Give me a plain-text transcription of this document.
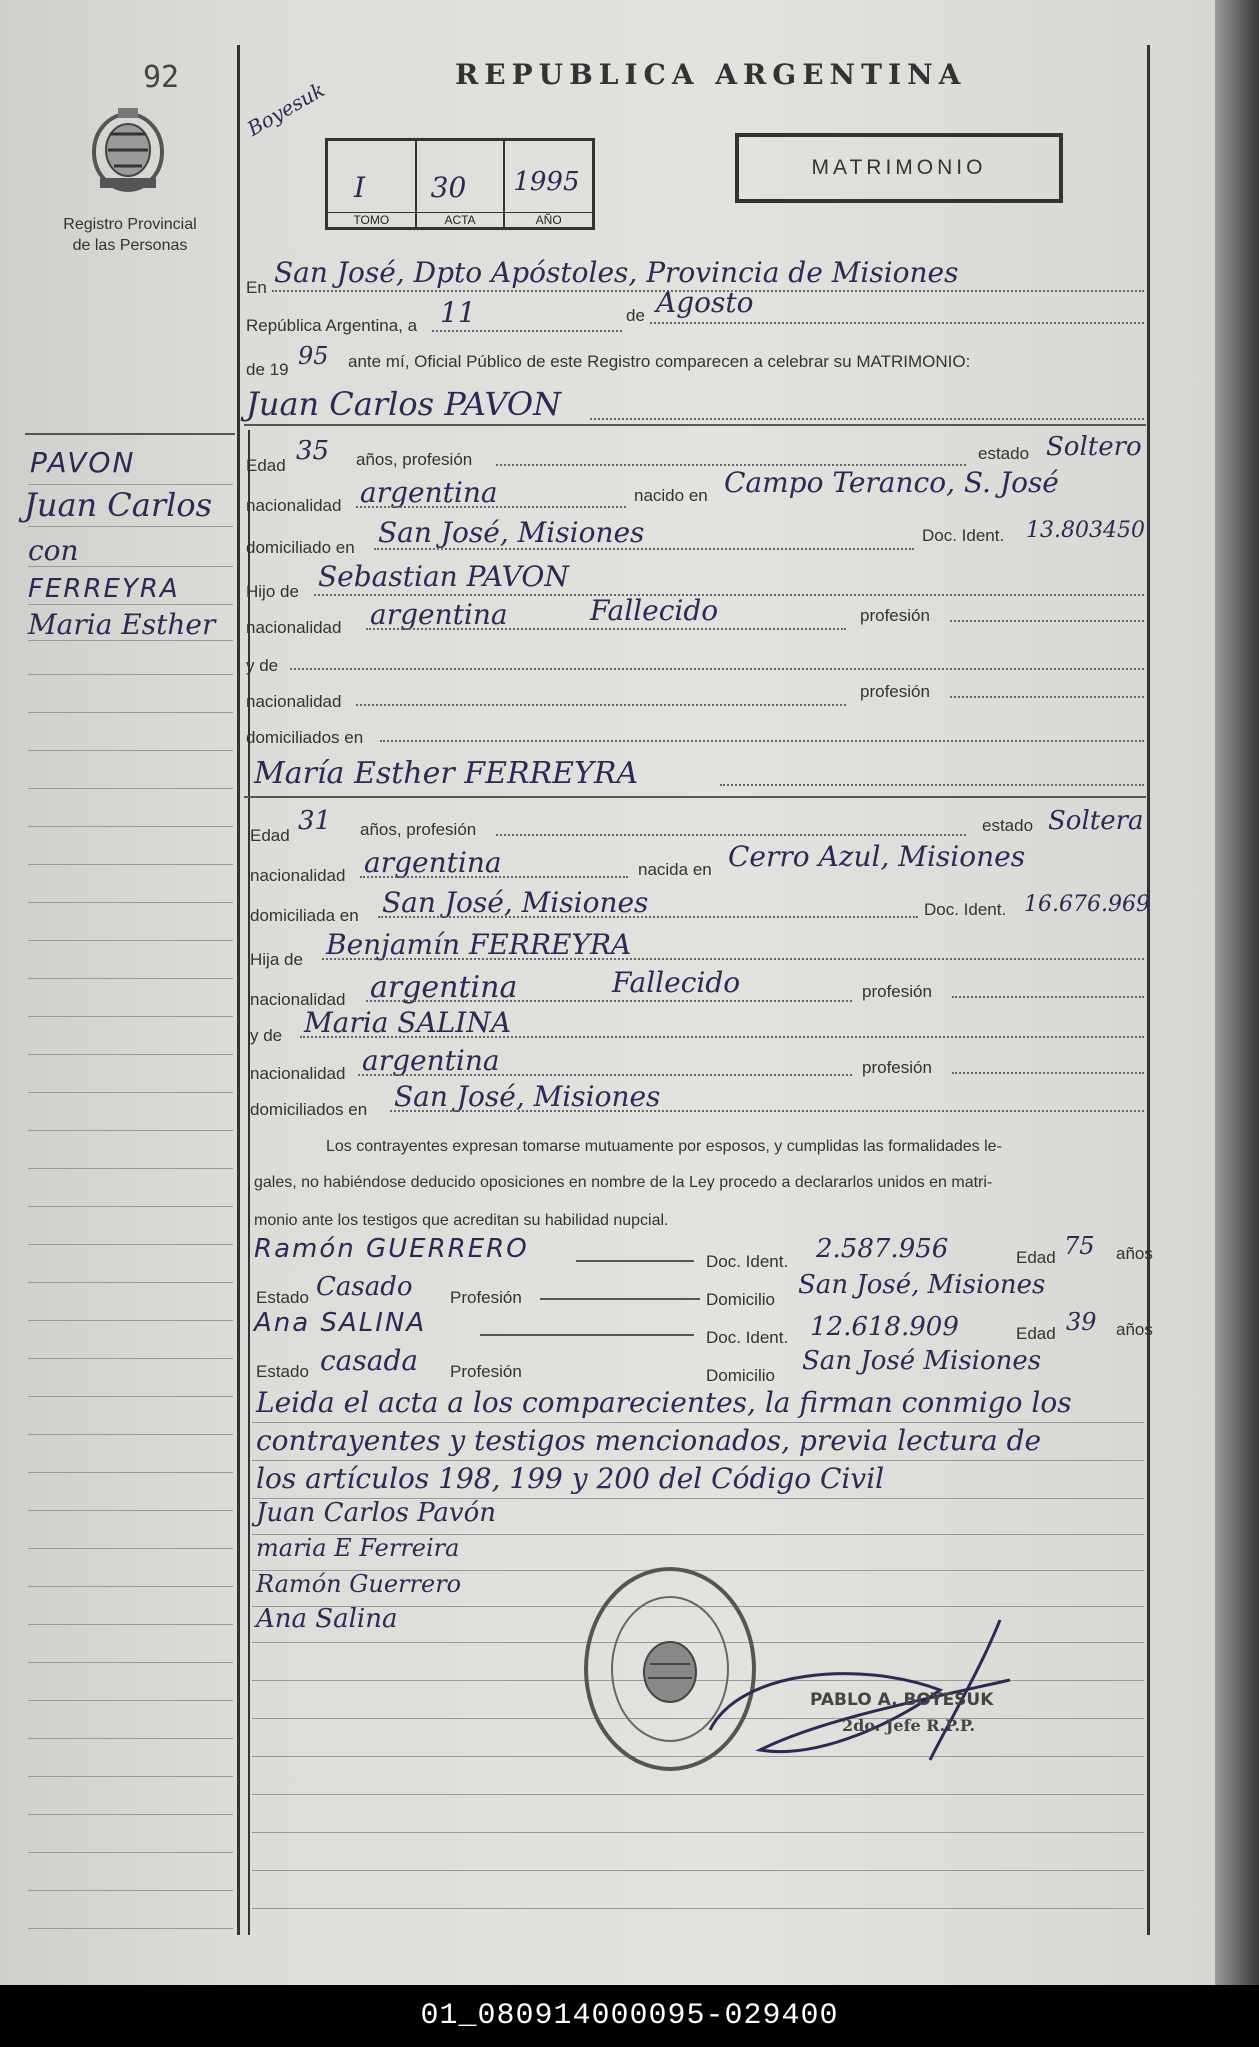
92
Registro Provincial
de las Personas
REPUBLICA ARGENTINA
MATRIMONIO
Boyesuk
I
TOMO
30
ACTA
1995
AÑO
PAVON
Juan Carlos
con
FERREYRA
Maria Esther
En San José, Dpto Apóstoles, Provincia de Misiones
República Argentina, a 11	de Agosto
de 19 95 ante mí, Oficial Público de este Registro comparecen a celebrar su MATRIMONIO:
Juan Carlos PAVON
Edad 35 años, profesión	estado Soltero
nacionalidad argentina	nacido en Campo Teranco, S. José
domiciliado en San José, Misiones	Doc. Ident. 13.803450
Hijo de Sebastian PAVON
nacionalidad argentina	Fallecido	profesión
y de
nacionalidad
profesión
domiciliados en
María Esther FERREYRA
Edad 31 años, profesión	estado Soltera
nacionalidad argentina	nacida en Cerro Azul, Misiones
domiciliada en San José, Misiones	Doc. Ident. 16.676.969
Hija de Benjamín FERREYRA
nacionalidad argentina	Fallecido	profesión
y de Maria SALINA
nacionalidad argentina	profesión
domiciliados en San José, Misiones
Los contrayentes expresan tomarse mutuamente por esposos, y cumplidas las formalidades le-
gales, no habiéndose deducido oposiciones en nombre de la Ley procedo a declararlos unidos en matri-
monio ante los testigos que acreditan su habilidad nupcial.
Ramón GUERRERO	Doc. Ident. 2.587.956	Edad 75 años
Estado Casado Profesión	Domicilio San José, Misiones
Ana SALINA	Doc. Ident. 12.618.909	Edad 39 años
Estado casada Profesión	Domicilio San José Misiones
Leida el acta a los comparecientes, la firman conmigo los
contrayentes y testigos mencionados, previa lectura de
los artículos 198, 199 y 200 del Código Civil
Juan Carlos Pavón
maria E Ferreira
Ramón Guerrero
Ana Salina
PABLO A. BOYESUK
2do. Jefe R.P.P.
01_080914000095-029400
